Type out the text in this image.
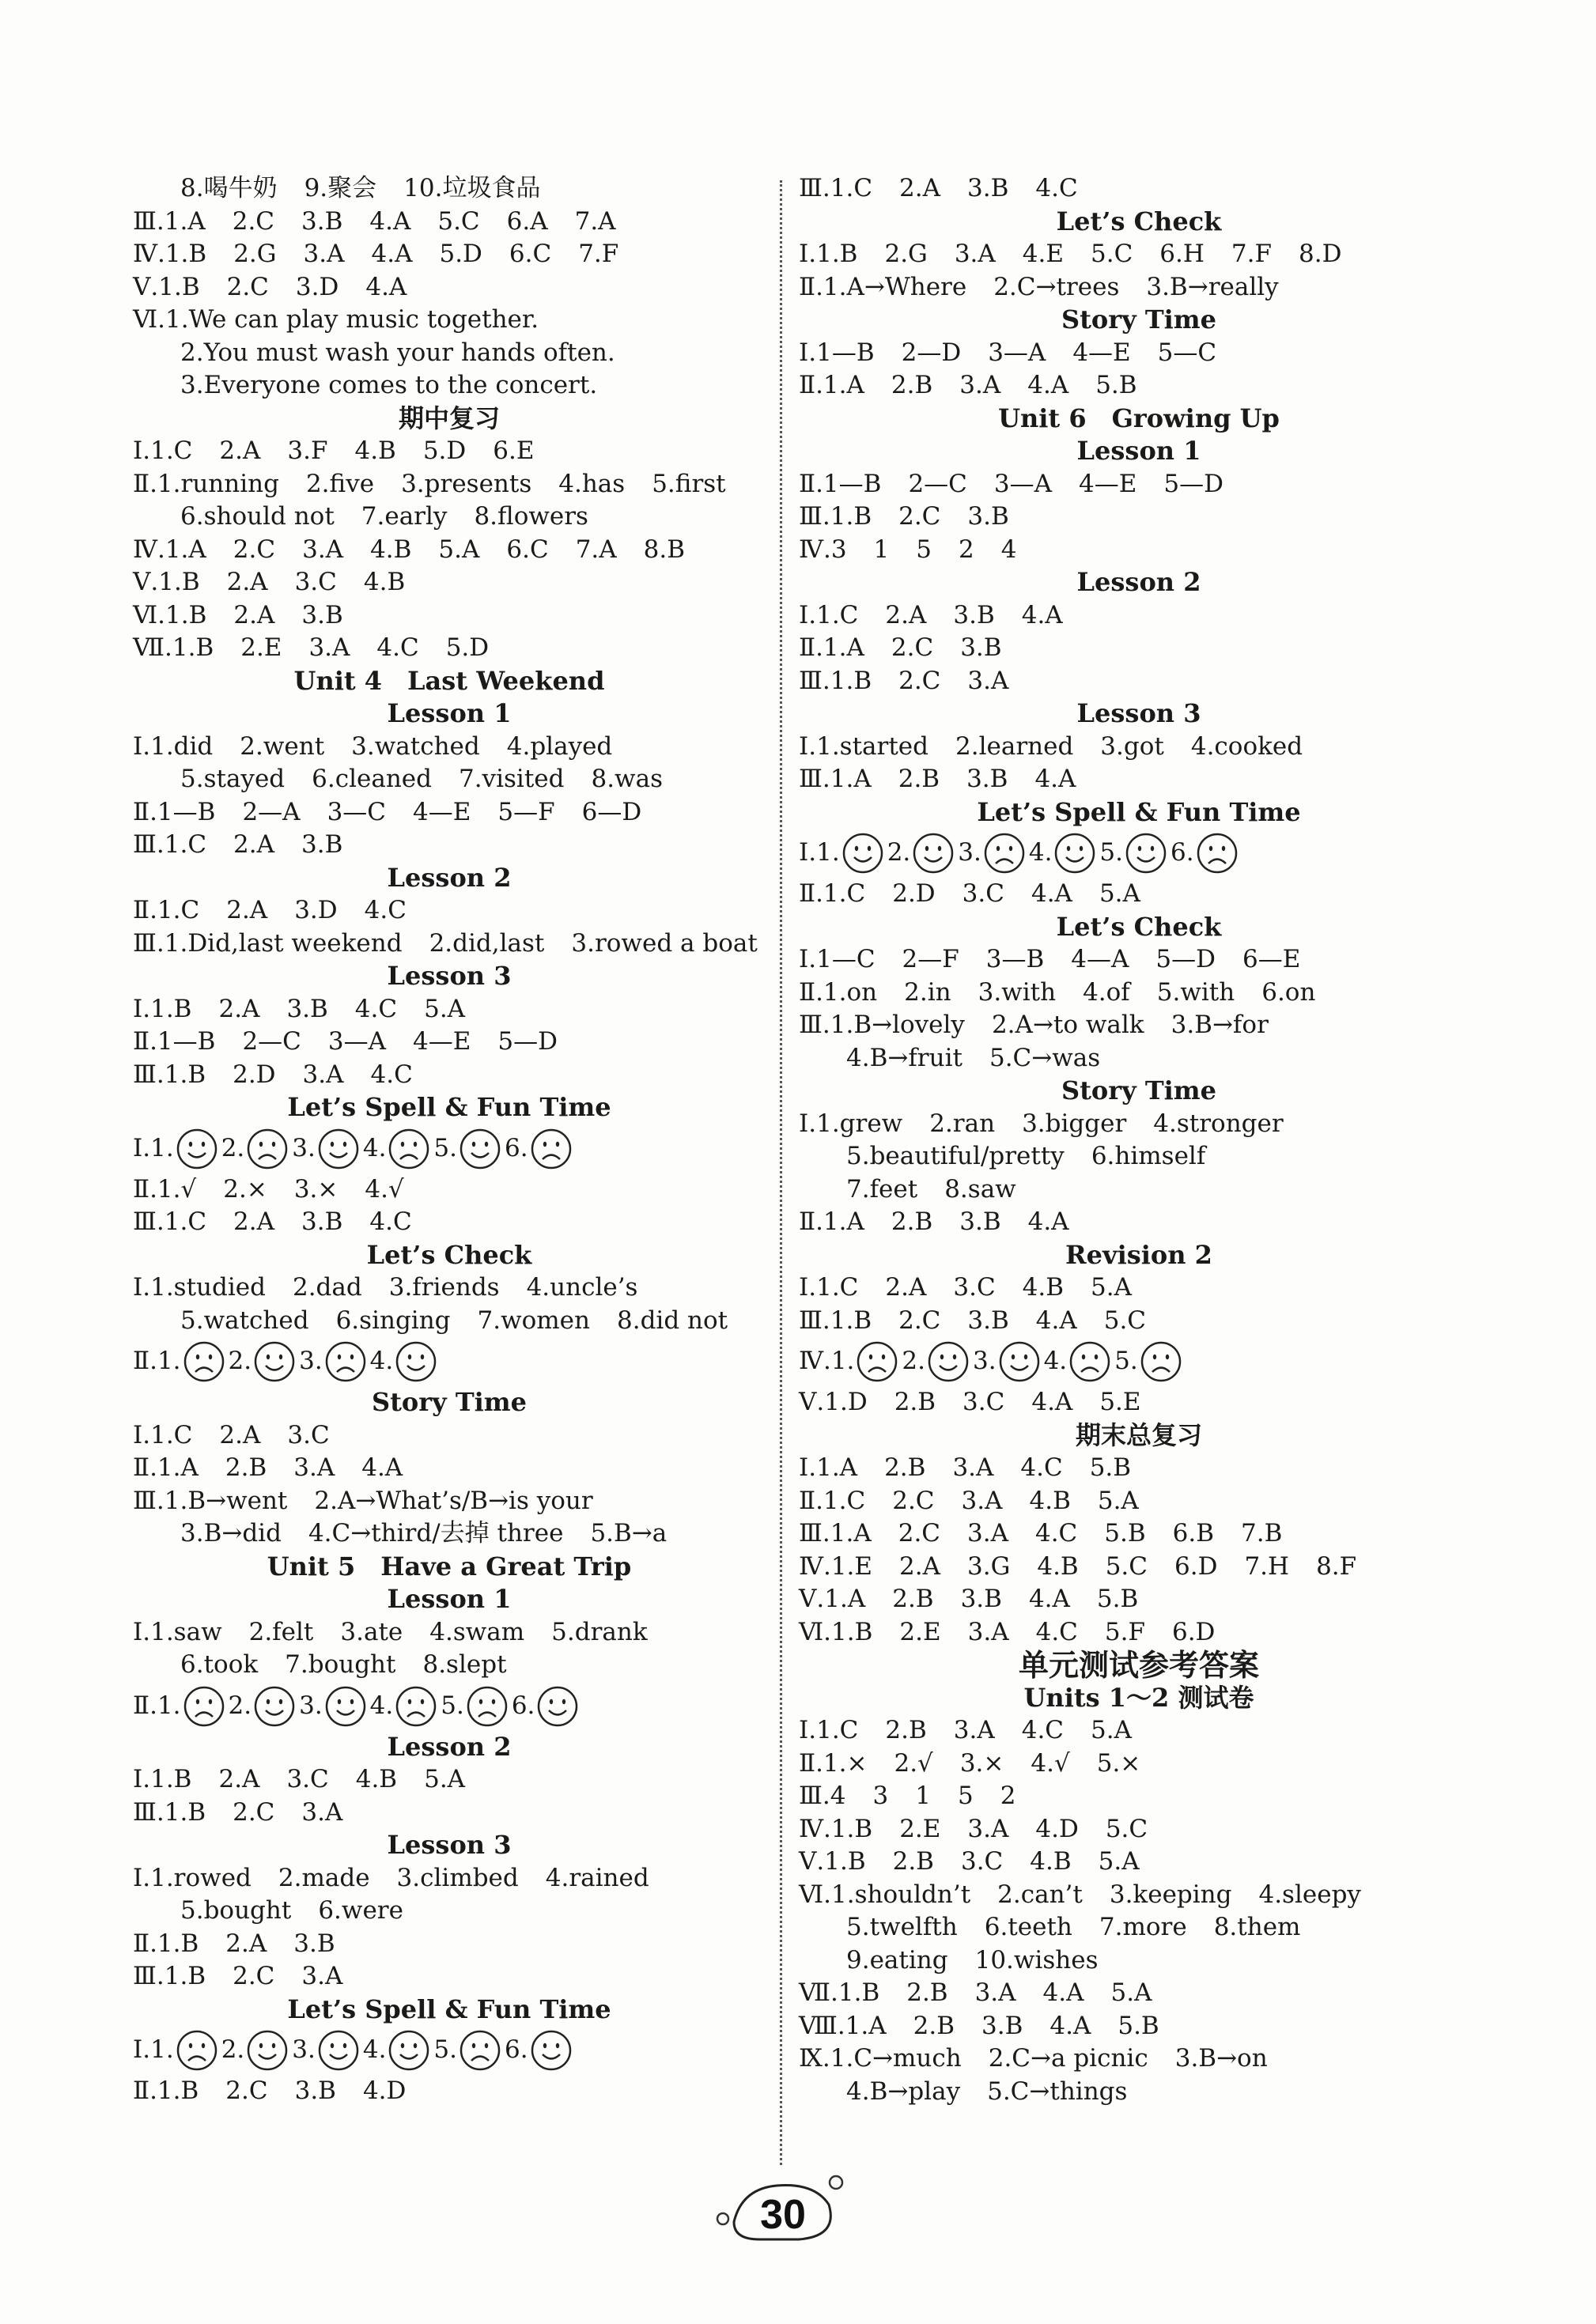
8.喝牛奶 9.聚会 10.垃圾食品
Ⅲ.1.A 2.C 3.B 4.A 5.C 6.A 7.A
Ⅳ.1.B 2.G 3.A 4.A 5.D 6.C 7.F
Ⅴ.1.B 2.C 3.D 4.A
Ⅵ.1.We can play music together.
2.You must wash your hands often.
3.Everyone comes to the concert.
期中复习
Ⅰ.1.C 2.A 3.F 4.B 5.D 6.E
Ⅱ.1.running 2.five 3.presents 4.has 5.first
6.should not 7.early 8.flowers
Ⅳ.1.A 2.C 3.A 4.B 5.A 6.C 7.A 8.B
Ⅴ.1.B 2.A 3.C 4.B
Ⅵ.1.B 2.A 3.B
Ⅶ.1.B 2.E 3.A 4.C 5.D
Unit 4　Last Weekend
Lesson 1
Ⅰ.1.did 2.went 3.watched 4.played
5.stayed 6.cleaned 7.visited 8.was
Ⅱ.1—B 2—A 3—C 4—E 5—F 6—D
Ⅲ.1.C 2.A 3.B
Lesson 2
Ⅱ.1.C 2.A 3.D 4.C
Ⅲ.1.Did,last weekend 2.did,last 3.rowed a boat
Lesson 3
Ⅰ.1.B 2.A 3.B 4.C 5.A
Ⅱ.1—B 2—C 3—A 4—E 5—D
Ⅲ.1.B 2.D 3.A 4.C
Let’s Spell & Fun Time
Ⅰ. 1. 2. 3. 4. 5. 6.
Ⅱ.1.√ 2.× 3.× 4.√
Ⅲ.1.C 2.A 3.B 4.C
Let’s Check
Ⅰ.1.studied 2.dad 3.friends 4.uncle’s
5.watched 6.singing 7.women 8.did not
Ⅱ. 1. 2. 3. 4.
Story Time
Ⅰ.1.C 2.A 3.C
Ⅱ.1.A 2.B 3.A 4.A
Ⅲ.1.B→went 2.A→What’s/B→is your
3.B→did 4.C→third/去掉 three 5.B→a
Unit 5　Have a Great Trip
Lesson 1
Ⅰ.1.saw 2.felt 3.ate 4.swam 5.drank
6.took 7.bought 8.slept
Ⅱ. 1. 2. 3. 4. 5. 6.
Lesson 2
Ⅰ.1.B 2.A 3.C 4.B 5.A
Ⅲ.1.B 2.C 3.A
Lesson 3
Ⅰ.1.rowed 2.made 3.climbed 4.rained
5.bought 6.were
Ⅱ.1.B 2.A 3.B
Ⅲ.1.B 2.C 3.A
Let’s Spell & Fun Time
Ⅰ. 1. 2. 3. 4. 5. 6.
Ⅱ.1.B 2.C 3.B 4.D
Ⅲ.1.C 2.A 3.B 4.C
Let’s Check
Ⅰ.1.B 2.G 3.A 4.E 5.C 6.H 7.F 8.D
Ⅱ.1.A→Where 2.C→trees 3.B→really
Story Time
Ⅰ.1—B 2—D 3—A 4—E 5—C
Ⅱ.1.A 2.B 3.A 4.A 5.B
Unit 6　Growing Up
Lesson 1
Ⅱ.1—B 2—C 3—A 4—E 5—D
Ⅲ.1.B 2.C 3.B
Ⅳ.3 1 5 2 4
Lesson 2
Ⅰ.1.C 2.A 3.B 4.A
Ⅱ.1.A 2.C 3.B
Ⅲ.1.B 2.C 3.A
Lesson 3
Ⅰ.1.started 2.learned 3.got 4.cooked
Ⅲ.1.A 2.B 3.B 4.A
Let’s Spell & Fun Time
Ⅰ. 1. 2. 3. 4. 5. 6.
Ⅱ.1.C 2.D 3.C 4.A 5.A
Let’s Check
Ⅰ.1—C 2—F 3—B 4—A 5—D 6—E
Ⅱ.1.on 2.in 3.with 4.of 5.with 6.on
Ⅲ.1.B→lovely 2.A→to walk 3.B→for
4.B→fruit 5.C→was
Story Time
Ⅰ.1.grew 2.ran 3.bigger 4.stronger
5.beautiful/pretty 6.himself
7.feet 8.saw
Ⅱ.1.A 2.B 3.B 4.A
Revision 2
Ⅰ.1.C 2.A 3.C 4.B 5.A
Ⅲ.1.B 2.C 3.B 4.A 5.C
Ⅳ. 1. 2. 3. 4. 5.
Ⅴ.1.D 2.B 3.C 4.A 5.E
期末总复习
Ⅰ.1.A 2.B 3.A 4.C 5.B
Ⅱ.1.C 2.C 3.A 4.B 5.A
Ⅲ.1.A 2.C 3.A 4.C 5.B 6.B 7.B
Ⅳ.1.E 2.A 3.G 4.B 5.C 6.D 7.H 8.F
Ⅴ.1.A 2.B 3.B 4.A 5.B
Ⅵ.1.B 2.E 3.A 4.C 5.F 6.D
单元测试参考答案
Units 1～2 测试卷
Ⅰ.1.C 2.B 3.A 4.C 5.A
Ⅱ.1.× 2.√ 3.× 4.√ 5.×
Ⅲ.4 3 1 5 2
Ⅳ.1.B 2.E 3.A 4.D 5.C
Ⅴ.1.B 2.B 3.C 4.B 5.A
Ⅵ.1.shouldn’t 2.can’t 3.keeping 4.sleepy
5.twelfth 6.teeth 7.more 8.them
9.eating 10.wishes
Ⅶ.1.B 2.B 3.A 4.A 5.A
Ⅷ.1.A 2.B 3.B 4.A 5.B
Ⅸ.1.C→much 2.C→a picnic 3.B→on
4.B→play 5.C→things
30
